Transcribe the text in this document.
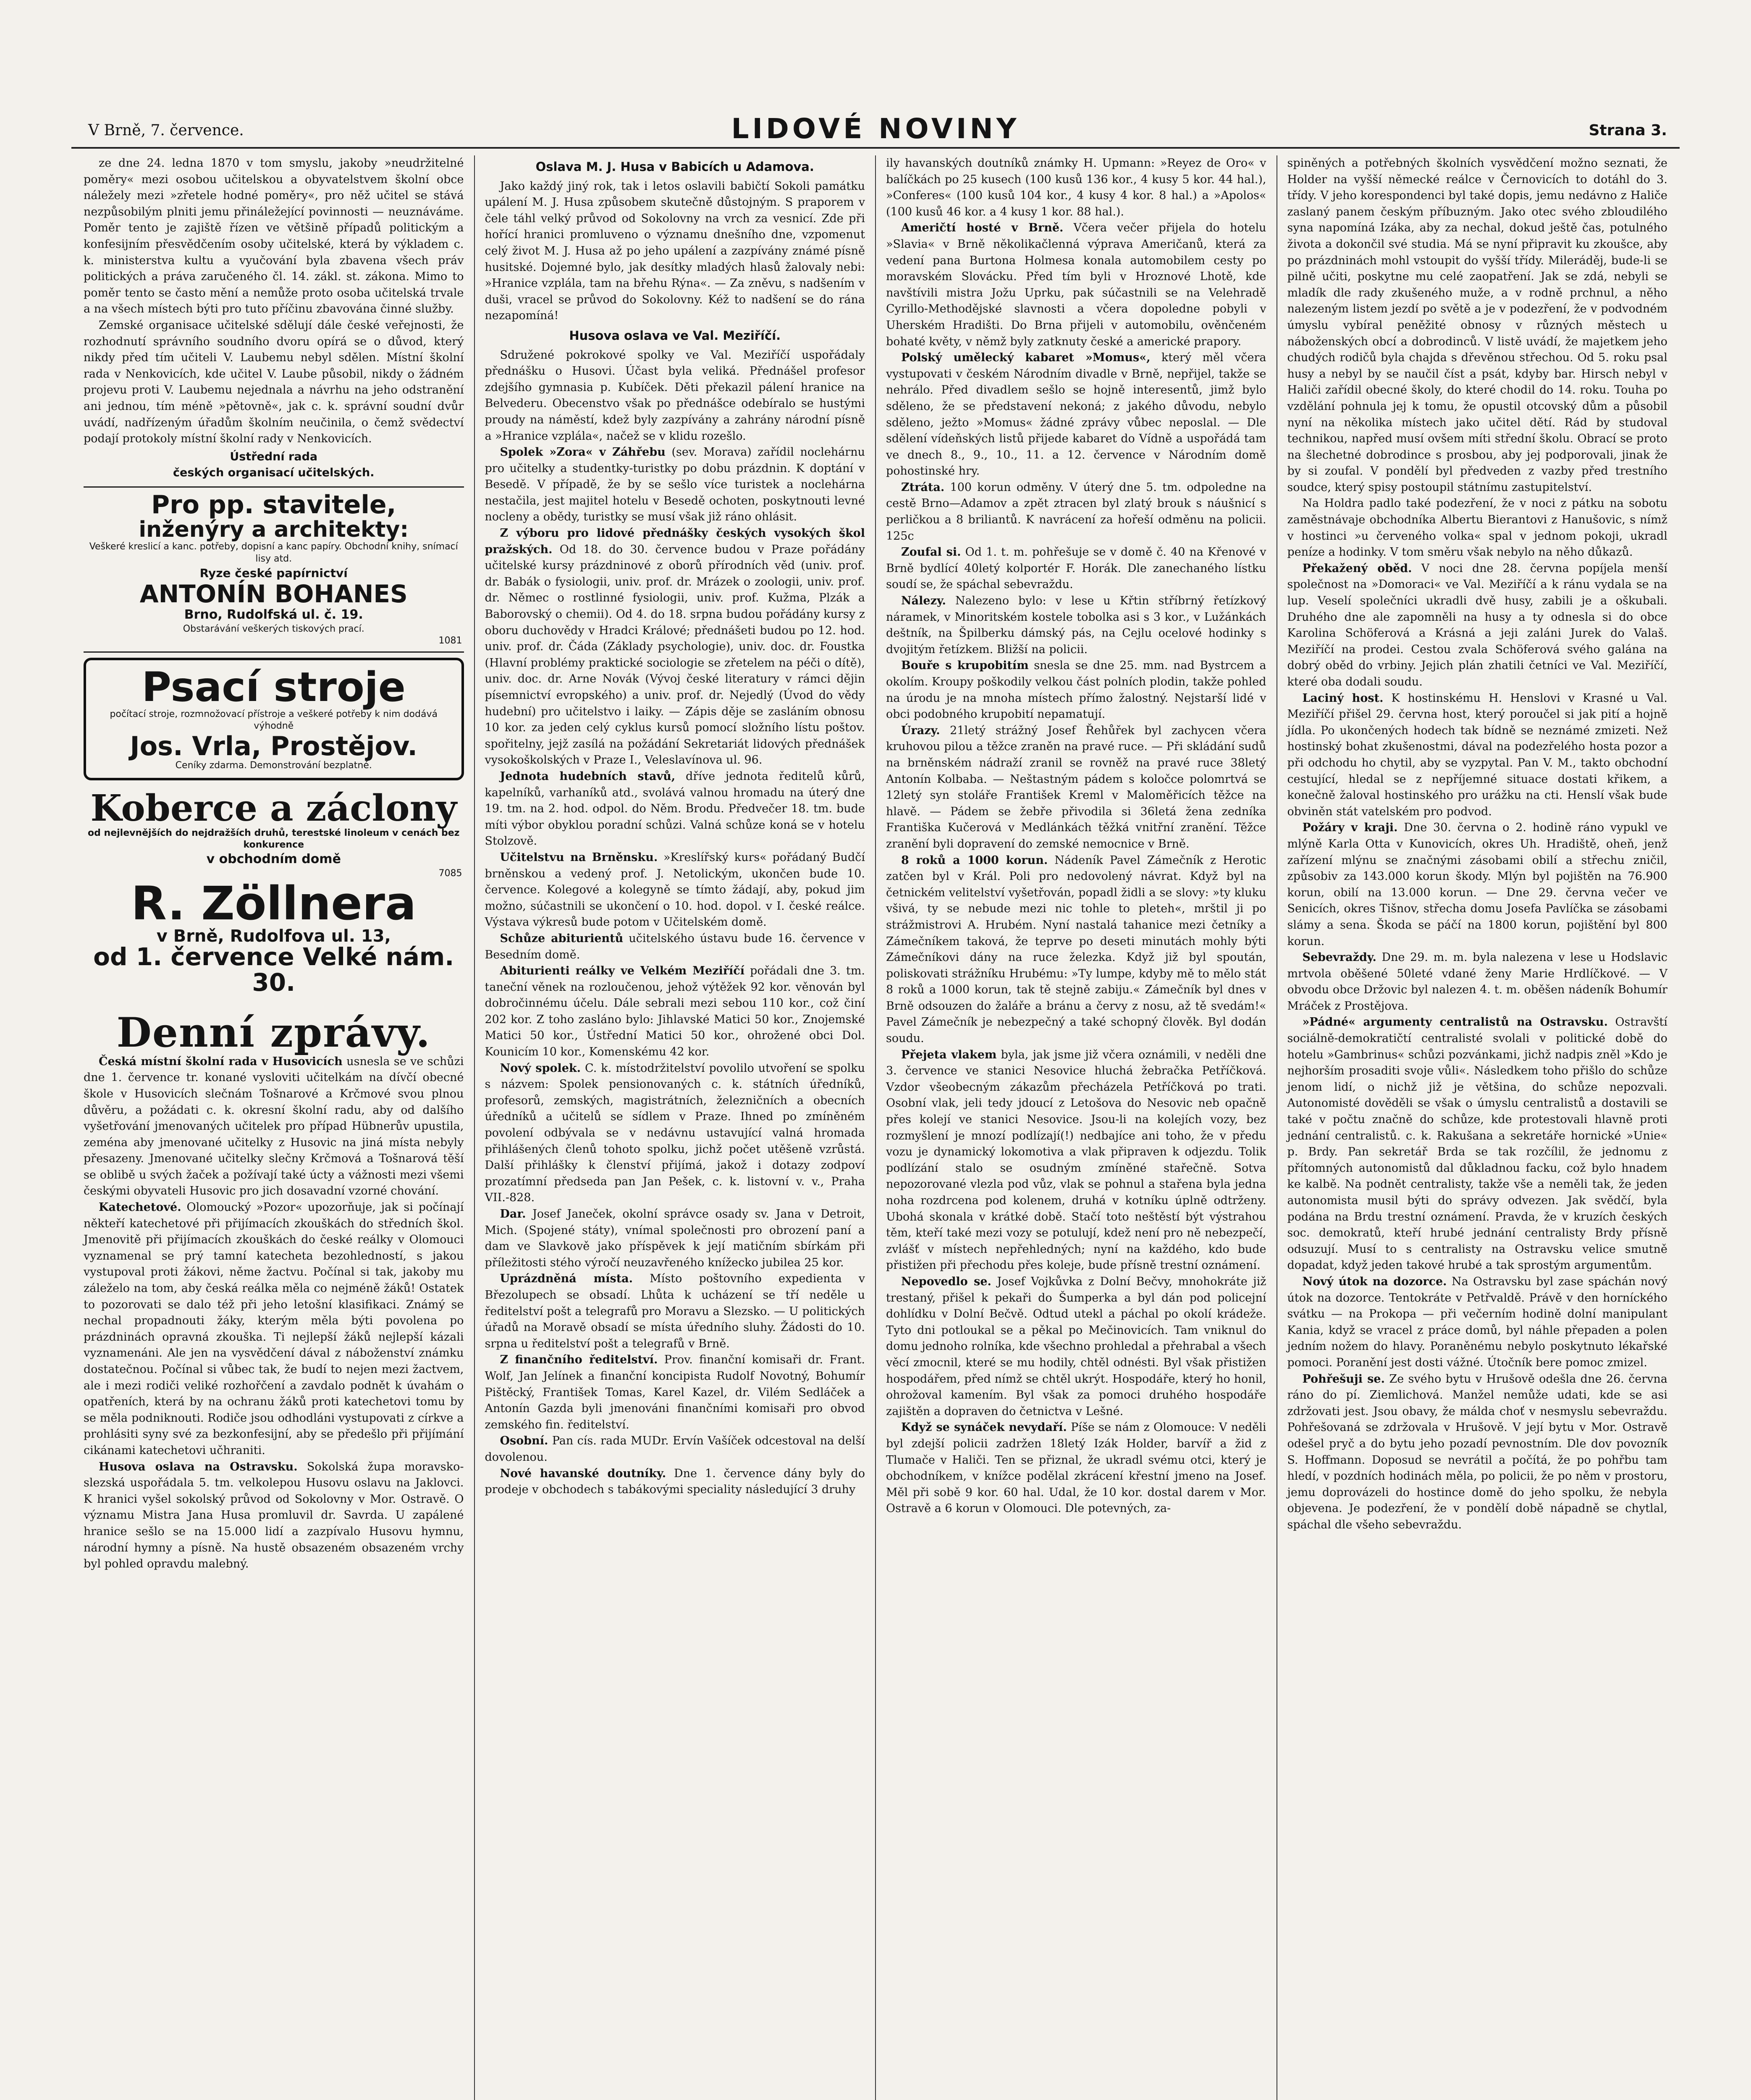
V Brně, 7. července.	LIDOVÉ NOVINY	Strana 3.

ze dne 24. ledna 1870 v tom smyslu, jakoby »neudržitelné poměry« mezi osobou učitelskou a obyvatelstvem školní obce náležely mezi »zřetele hodné poměry«, pro něž učitel se stává nezpůsobilým plniti jemu přináležející povinnosti — neuznáváme. Poměr tento je zajiště řízen ve většině případů politickým a konfesijním přesvědčením osoby učitelské, která by výkladem c. k. ministerstva kultu a vyučování byla zbavena všech práv politických a práva zaručeného čl. 14. zákl. st. zákona. Mimo to poměr tento se často mění a nemůže proto osoba učitelská trvale a na všech místech býti pro tuto příčinu zbavována činné služby.

Zemské organisace učitelské sdělují dále české veřejnosti, že rozhodnutí správního soudního dvoru opírá se o důvod, který nikdy před tím učiteli V. Laubemu nebyl sdělen. Místní školní rada v Nenkovicích, kde učitel V. Laube působil, nikdy o žádném projevu proti V. Laubemu nejednala a návrhu na jeho odstranění ani jednou, tím méně »pětovně«, jak c. k. správní soudní dvůr uvádí, nadřízeným úřadům školním neučinila, o čemž svědectví podají protokoly místní školní rady v Nenkovicích.

Ústřední rada

českých organisací učitelských.

Pro pp. stavitele,
inženýry a architekty:
Veškeré kreslicí a kanc. potřeby, dopisní a kanc papíry. Obchodní knihy, snímací lisy atd.
Ryze české papírnictví
ANTONÍN BOHANES
Brno, Rudolfská ul. č. 19.
Obstarávání veškerých tiskových prací.
1081
Psací stroje
počítací stroje, rozmnožovací přístroje a veškeré potřeby k nim dodává výhodně
Jos. Vrla, Prostějov.
Ceníky zdarma. Demonstrování bezplatné.
Koberce a záclony
od nejlevnějších do nejdražších druhů, terestské linoleum v cenách bez konkurence
v obchodním domě
7085
R. Zöllnera
v Brně, Rudolfova ul. 13,
od 1. července Velké nám. 30.
Denní zprávy.

Česká místní školní rada v Husovicích usnesla se ve schůzi dne 1. července tr. konané vysloviti učitelkám na dívčí obecné škole v Husovicích slečnám Tošnarové a Krčmové svou plnou důvěru, a požádati c. k. okresní školní radu, aby od dalšího vyšetřování jmenovaných učitelek pro případ Hübnerův upustila, zeména aby jmenované učitelky z Husovic na jiná místa nebyly přesazeny. Jmenované učitelky slečny Krčmová a Tošnarová těší se oblibě u svých žaček a požívají také úcty a vážnosti mezi všemi českými obyvateli Husovic pro jich dosavadní vzorné chování.

Katechetové. Olomoucký »Pozor« upozorňuje, jak si počínají někteří katechetové při přijímacích zkouškách do středních škol. Jmenovitě při přijímacích zkouškách do české reálky v Olomouci vyznamenal se prý tamní katecheta bezohledností, s jakou vystupoval proti žákovi, něme žactvu. Počínal si tak, jakoby mu záleželo na tom, aby česká reálka měla co nejméně žáků! Ostatek to pozorovati se dalo též při jeho letošní klasifikaci. Známý se nechal propadnouti žáky, kterým měla býti povolena po prázdninách opravná zkouška. Ti nejlepší žáků nejlepší kázali vyznamenáni. Ale jen na vysvědčení dával z náboženství známku dostatečnou. Počínal si vůbec tak, že budí to nejen mezi žactvem, ale i mezi rodiči veliké rozhořčení a zavdalo podnět k úvahám o opatřeních, která by na ochranu žáků proti katechetovi tomu by se měla podniknouti. Rodiče jsou odhodláni vystupovati z církve a prohlásiti syny své za bezkonfesijní, aby se předešlo při přijímání cikánami katechetovi učhraniti.

Husova oslava na Ostravsku. Sokolská župa moravsko-slezská uspořádala 5. tm. velkolepou Husovu oslavu na Jaklovci. K hranici vyšel sokolský průvod od Sokolovny v Mor. Ostravě. O významu Mistra Jana Husa promluvil dr. Savrda. U zapálené hranice sešlo se na 15.000 lidí a zazpívalo Husovu hymnu, národní hymny a písně. Na hustě obsazeném obsazeném vrchy byl pohled opravdu malebný.

Oslava M. J. Husa v Babicích u Adamova.

Jako každý jiný rok, tak i letos oslavili babičtí Sokoli památku upálení M. J. Husa způsobem skutečně důstojným. S praporem v čele táhl velký průvod od Sokolovny na vrch za vesnicí. Zde při hořící hranici promluveno o významu dnešního dne, vzpomenut celý život M. J. Husa až po jeho upálení a zazpívány známé písně husitské. Dojemné bylo, jak desítky mladých hlasů žalovaly nebi: »Hranice vzplála, tam na břehu Rýna«. — Za zněvu, s nadšením v duši, vracel se průvod do Sokolovny. Kéž to nadšení se do rána nezapomíná!

Husova oslava ve Val. Meziříčí.

Sdružené pokrokové spolky ve Val. Meziříčí uspořádaly přednášku o Husovi. Účast byla veliká. Přednášel profesor zdejšího gymnasia p. Kubíček. Děti překazil pálení hranice na Belvederu. Obecenstvo však po přednášce odebíralo se hustými proudy na náměstí, kdež byly zazpívány a zahrány národní písně a »Hranice vzplála«, načež se v klidu rozešlo.

Spolek »Zora« v Záhřebu (sev. Morava) zařídil noclehárnu pro učitelky a studentky-turistky po dobu prázdnin. K doptání v Besedě. V případě, že by se sešlo více turistek a noclehárna nestačila, jest majitel hotelu v Besedě ochoten, poskytnouti levné nocleny a obědy, turistky se musí však již ráno ohlásit.

Z výboru pro lidové přednášky českých vysokých škol pražských. Od 18. do 30. července budou v Praze pořádány učitelské kursy prázdninové z oborů přírodních věd (univ. prof. dr. Babák o fysiologii, univ. prof. dr. Mrázek o zoologii, univ. prof. dr. Němec o rostlinné fysiologii, univ. prof. Kužma, Plzák a Baborovský o chemii). Od 4. do 18. srpna budou pořádány kursy z oboru duchovědy v Hradci Králové; přednášeti budou po 12. hod. univ. prof. dr. Čáda (Základy psychologie), univ. doc. dr. Foustka (Hlavní problémy praktické sociologie se zřetelem na péči o dítě), univ. doc. dr. Arne Novák (Vývoj české literatury v rámci dějin písemnictví evropského) a univ. prof. dr. Nejedlý (Úvod do vědy hudební) pro učitelstvo i laiky. — Zápis děje se zasláním obnosu 10 kor. za jeden celý cyklus kursů pomocí složního lístu poštov. spořitelny, jejž zasílá na požádání Sekretariát lidových přednášek vysokoškolských v Praze I., Veleslavínova ul. 96.

Jednota hudebních stavů, dříve jednota ředitelů kůrů, kapelníků, varhaníků atd., svolává valnou hromadu na úterý dne 19. tm. na 2. hod. odpol. do Něm. Brodu. Předvečer 18. tm. bude míti výbor obyklou poradní schůzi. Valná schůze koná se v hotelu Stolzově.

Učitelstvu na Brněnsku. »Kreslířský kurs« pořádaný Budčí brněnskou a vedený prof. J. Netolickým, ukončen bude 10. července. Kolegové a kolegyně se tímto žádají, aby, pokud jim možno, súčastnili se ukončení o 10. hod. dopol. v I. české reálce. Výstava výkresů bude potom v Učitelském domě.

Schůze abiturientů učitelského ústavu bude 16. července v Besedním domě.

Abiturienti reálky ve Velkém Meziříčí pořádali dne 3. tm. taneční věnek na rozloučenou, jehož výtěžek 92 kor. věnován byl dobročinnému účelu. Dále sebrali mezi sebou 110 kor., což činí 202 kor. Z toho zasláno bylo: Jihlavské Matici 50 kor., Znojemské Matici 50 kor., Ústřední Matici 50 kor., ohrožené obci Dol. Kounicím 10 kor., Komenskému 42 kor.

Nový spolek. C. k. místodržitelství povolilo utvoření se spolku s názvem: Spolek pensionovaných c. k. státních úředníků, profesorů, zemských, magistrátních, železničních a obecních úředníků a učitelů se sídlem v Praze. Ihned po zmíněném povolení odbývala se v nedávnu ustavující valná hromada přihlášených členů tohoto spolku, jichž počet utěšeně vzrůstá. Další přihlášky k členství přijímá, jakož i dotazy zodpoví prozatímní předseda pan Jan Pešek, c. k. listovní v. v., Praha VII.-828.

Dar. Josef Janeček, okolní správce osady sv. Jana v Detroit, Mich. (Spojené státy), vnímal společnosti pro obrození paní a dam ve Slavkově jako příspěvek k její matičním sbírkám při příležitosti stého výročí neuzavřeného knížecko jubilea 25 kor.

Uprázdněná místa. Místo poštovního expedienta v Březolupech se obsadí. Lhůta k ucházení se tří neděle u ředitelství pošt a telegrafů pro Moravu a Slezsko. — U politických úřadů na Moravě obsadí se místa úředního sluhy. Žádosti do 10. srpna u ředitelství pošt a telegrafů v Brně.

Z finančního ředitelství. Prov. finanční komisaři dr. Frant. Wolf, Jan Jelínek a finanční koncipista Rudolf Novotný, Bohumír Pištěcký, František Tomas, Karel Kazel, dr. Vilém Sedláček a Antonín Gazda byli jmenováni finančními komisaři pro obvod zemského fin. ředitelství.

Osobní. Pan cís. rada MUDr. Ervín Vašíček odcestoval na delší dovolenou.

Nové havanské doutníky. Dne 1. července dány byly do prodeje v obchodech s tabákovými speciality následující 3 druhy

ily havanských doutníků známky H. Upmann: »Reyez de Oro« v balíčkách po 25 kusech (100 kusů 136 kor., 4 kusy 5 kor. 44 hal.), »Conferes« (100 kusů 104 kor., 4 kusy 4 kor. 8 hal.) a »Apolos« (100 kusů 46 kor. a 4 kusy 1 kor. 88 hal.).

Američtí hosté v Brně. Včera večer přijela do hotelu »Slavia« v Brně několikačlenná výprava Američanů, která za vedení pana Burtona Holmesa konala automobilem cesty po moravském Slovácku. Před tím byli v Hroznové Lhotě, kde navštívili mistra Jožu Uprku, pak súčastnili se na Velehradě Cyrillo-Methodějské slavnosti a včera dopoledne pobyli v Uherském Hradišti. Do Brna přijeli v automobilu, ověnčeném bohaté květy, v němž byly zatknuty české a americké prapory.

Polský umělecký kabaret »Momus«, který měl včera vystupovati v českém Národním divadle v Brně, nepřijel, takže se nehrálo. Před divadlem sešlo se hojně interesentů, jimž bylo sděleno, že se představení nekoná; z jakého důvodu, nebylo sděleno, ježto »Momus« žádné zprávy vůbec neposlal. — Dle sdělení vídeňských listů přijede kabaret do Vídně a uspořádá tam ve dnech 8., 9., 10., 11. a 12. července v Národním domě pohostinské hry.

Ztráta. 100 korun odměny. V úterý dne 5. tm. odpoledne na cestě Brno—Adamov a zpět ztracen byl zlatý brouk s náušnicí s perličkou a 8 briliantů. K navrácení za hořeší odměnu na policii. 125c

Zoufal si. Od 1. t. m. pohřešuje se v domě č. 40 na Křenové v Brně bydlící 40letý kolportér F. Horák. Dle zanechaného lístku soudí se, že spáchal sebevraždu.

Nálezy. Nalezeno bylo: v lese u Křtin stříbrný řetízkový náramek, v Minoritském kostele tobolka asi s 3 kor., v Lužánkách deštník, na Špilberku dámský pás, na Cejlu ocelové hodinky s dvojitým řetízkem. Bližší na policii.

Bouře s krupobitím snesla se dne 25. mm. nad Bystrcem a okolím. Kroupy poškodily velkou část polních plodin, takže pohled na úrodu je na mnoha místech přímo žalostný. Nejstarší lidé v obci podobného krupobití nepamatují.

Úrazy. 21letý strážný Josef Řehůřek byl zachycen včera kruhovou pilou a těžce zraněn na pravé ruce. — Při skládání sudů na brněnském nádraží zranil se rovněž na pravé ruce 38letý Antonín Kolbaba. — Neštastným pádem s koločce polomrtvá se 12letý syn stoláře František Kreml v Maloměřicích těžce na hlavě. — Pádem se žebře přivodila si 36letá žena zedníka Františka Kučerová v Medlánkách těžká vnitřní zranění. Těžce zranění byli dopravení do zemské nemocnice v Brně.

8 roků a 1000 korun. Nádeník Pavel Zámečník z Herotic zatčen byl v Král. Poli pro nedovolený návrat. Když byl na četnickém velitelství vyšetřován, popadl židli a se slovy: »ty kluku všivá, ty se nebude mezi nic tohle to pleteh«, mrštil ji po strážmistrovi A. Hrubém. Nyní nastalá tahanice mezi četníky a Zámečníkem taková, že teprve po deseti minutách mohly býti Zámečníkovi dány na ruce železka. Když již byl spoután, poliskovati strážníku Hrubému: »Ty lumpe, kdyby mě to mělo stát 8 roků a 1000 korun, tak tě stejně zabiju.« Zámečník byl dnes v Brně odsouzen do žaláře a bránu a červy z nosu, až tě svedám!« Pavel Zámečník je nebezpečný a také schopný člověk. Byl dodán soudu.

Přejeta vlakem byla, jak jsme již včera oznámili, v neděli dne 3. července ve stanici Nesovice hluchá žebračka Petříčková. Vzdor všeobecným zákazům přecházela Petříčková po trati. Osobní vlak, jeli tedy jdoucí z Letošova do Nesovic neb opačně přes kolejí ve stanici Nesovice. Jsou-li na kolejích vozy, bez rozmyšlení je mnozí podlízají(!) nedbajíce ani toho, že v předu vozu je dynamický lokomotiva a vlak připraven k odjezdu. Tolik podlízání stalo se osudným zmíněné stařečně. Sotva nepozorované vlezla pod vůz, vlak se pohnul a stařena byla jedna noha rozdrcena pod kolenem, druhá v kotníku úplně odtrženy. Ubohá skonala v krátké době. Stačí toto neštěstí být výstrahou těm, kteří také mezi vozy se potulují, kdež není pro ně nebezpečí, zvlášť v místech nepřehledných; nyní na každého, kdo bude přistižen při přechodu přes koleje, bude přísně trestní oznámení.

Nepovedlo se. Josef Vojkůvka z Dolní Bečvy, mnohokráte již trestaný, přišel k pekaři do Šumperka a byl dán pod policejní dohlídku v Dolní Bečvě. Odtud utekl a páchal po okolí krádeže. Tyto dni potloukal se a pěkal po Mečinovicích. Tam vniknul do domu jednoho rolníka, kde všechno prohledal a přehrabal a všech věcí zmocnil, které se mu hodily, chtěl odnésti. Byl však přistižen hospodářem, před nímž se chtěl ukrýt. Hospodáře, který ho honil, ohrožoval kamením. Byl však za pomoci druhého hospodáře zajištěn a dopraven do četnictva v Lešné.

Když se synáček nevydaří. Píše se nám z Olomouce: V neděli byl zdejší policii zadržen 18letý Izák Holder, barvíř a žid z Tlumače v Haliči. Ten se přiznal, že ukradl svému otci, který je obchodníkem, v knížce podělal zkrácení křestní jmeno na Josef. Měl při sobě 9 kor. 60 hal. Udal, že 10 kor. dostal darem v Mor. Ostravě a 6 korun v Olomouci. Dle potevných, za-

spiněných a potřebných školních vysvědčení možno seznati, že Holder na vyšší německé reálce v Černovicích to dotáhl do 3. třídy. V jeho korespondenci byl také dopis, jemu nedávno z Haliče zaslaný panem českým příbuzným. Jako otec svého zbloudilého syna napomíná Izáka, aby za nechal, dokud ještě čas, potulného života a dokončil své studia. Má se nyní připravit ku zkoušce, aby po prázdninách mohl vstoupit do vyšší třídy. Mileráděj, bude-li se pilně učiti, poskytne mu celé zaopatření. Jak se zdá, nebyli se mladík dle rady zkušeného muže, a v rodně prchnul, a něho nalezeným listem jezdí po světě a je v podezření, že v podvodném úmyslu vybíral peněžité obnosy v různých městech u náboženských obcí a dobrodinců. V listě uvádí, že majetkem jeho chudých rodičů byla chajda s dřevěnou střechou. Od 5. roku psal husy a nebyl by se naučil číst a psát, kdyby bar. Hirsch nebyl v Haliči zařídil obecné školy, do které chodil do 14. roku. Touha po vzdělání pohnula jej k tomu, že opustil otcovský dům a působil nyní na několika místech jako učitel dětí. Rád by studoval technikou, napřed musí ovšem míti střední školu. Obrací se proto na šlechetné dobrodince s prosbou, aby jej podporovali, jinak že by si zoufal. V pondělí byl předveden z vazby před trestního soudce, který spisy postoupil státnímu zastupitelství.

Na Holdra padlo také podezření, že v noci z pátku na sobotu zaměstnávaje obchodníka Albertu Bierantovi z Hanušovic, s nímž v hostinci »u červeného volka« spal v jednom pokoji, ukradl peníze a hodinky. V tom směru však nebylo na něho důkazů.

Překažený oběd. V noci dne 28. června popíjela menší společnost na »Domoraci« ve Val. Meziříčí a k ránu vydala se na lup. Veselí společníci ukradli dvě husy, zabili je a oškubali. Druhého dne ale zapomněli na husy a ty odnesla si do obce Karolina Schöferová a Krásná a jeji zaláni Jurek do Valaš. Meziříčí na prodei. Cestou zvala Schöferová svého galána na dobrý oběd do vrbiny. Jejich plán zhatili četníci ve Val. Meziříčí, které oba dodali soudu.

Laciný host. K hostinskému H. Henslovi v Krasné u Val. Meziříčí přišel 29. června host, který poroučel si jak pití a hojně jídla. Po ukončených hodech tak bídně se neznámé zmizeti. Než hostinský bohat zkušenostmi, dával na podezřelého hosta pozor a při odchodu ho chytil, aby se vyzpytal. Pan V. M., takto obchodní cestující, hledal se z nepříjemné situace dostati křikem, a konečně žaloval hostinského pro urážku na cti. Henslí však bude obviněn stát vatelském pro podvod.

Požáry v kraji. Dne 30. června o 2. hodině ráno vypukl ve mlýně Karla Otta v Kunovicích, okres Uh. Hradiště, oheň, jenž zařízení mlýnu se značnými zásobami obilí a střechu zničil, způsobiv za 143.000 korun škody. Mlýn byl pojištěn na 76.900 korun, obilí na 13.000 korun. — Dne 29. června večer ve Senicích, okres Tišnov, střecha domu Josefa Pavlíčka se zásobami slámy a sena. Škoda se páčí na 1800 korun, pojištění byl 800 korun.

Sebevraždy. Dne 29. m. m. byla nalezena v lese u Hodslavic mrtvola oběšené 50leté vdané ženy Marie Hrdlíčkové. — V obvodu obce Držovic byl nalezen 4. t. m. oběšen nádeník Bohumír Mráček z Prostějova.

»Pádné« argumenty centralistů na Ostravsku. Ostravští sociálně-demokratičtí centralisté svolali v politické době do hotelu »Gambrinus« schůzi pozvánkami, jichž nadpis zněl »Kdo je nejhorším prosaditi svoje vůli«. Následkem toho přišlo do schůze jenom lidí, o nichž již je většina, do schůze nepozvali. Autonomisté dověděli se však o úmyslu centralistů a dostavili se také v počtu značně do schůze, kde protestovali hlavně proti jednání centralistů. c. k. Rakušana a sekretáře hornické »Unie« p. Brdy. Pan sekretář Brda se tak rozčílil, že jednomu z přítomných autonomistů dal důkladnou facku, což bylo hnadem ke kalbě. Na podnět centralisty, takže vše a neměli tak, že jeden autonomista musil býti do správy odvezen. Jak svědčí, byla podána na Brdu trestní oznámení. Pravda, že v kruzích českých soc. demokratů, kteří hrubé jednání centralisty Brdy přísně odsuzují. Musí to s centralisty na Ostravsku velice smutně dopadat, když jeden takové hrubé a tak sprostým argumentům.

Nový útok na dozorce. Na Ostravsku byl zase spáchán nový útok na dozorce. Tentokráte v Petřvaldě. Právě v den horníckého svátku — na Prokopa — při večerním hodině dolní manipulant Kania, když se vracel z práce domů, byl náhle přepaden a polen jedním nožem do hlavy. Poraněnému nebylo poskytnuto lékařské pomoci. Poranění jest dosti vážné. Útočník bere pomoc zmizel.

Pohřešuji se. Ze svého bytu v Hrušově odešla dne 26. června ráno do pí. Ziemlichová. Manžel nemůže udati, kde se asi zdržovati jest. Jsou obavy, že málda choť v nesmyslu sebevraždu. Pohřešovaná se zdržovala v Hrušově. V její bytu v Mor. Ostravě odešel pryč a do bytu jeho pozadí pevnostním. Dle dov povozník S. Hoffmann. Doposud se nevrátil a počítá, že po pohřbu tam hledí, v pozdních hodinách měla, po policii, že po něm v prostoru, jemu doprovázeli do hostince domě do jeho spolku, že nebyla objevena. Je podezření, že v pondělí době nápadně se chytlal, spáchal dle všeho sebevraždu.
